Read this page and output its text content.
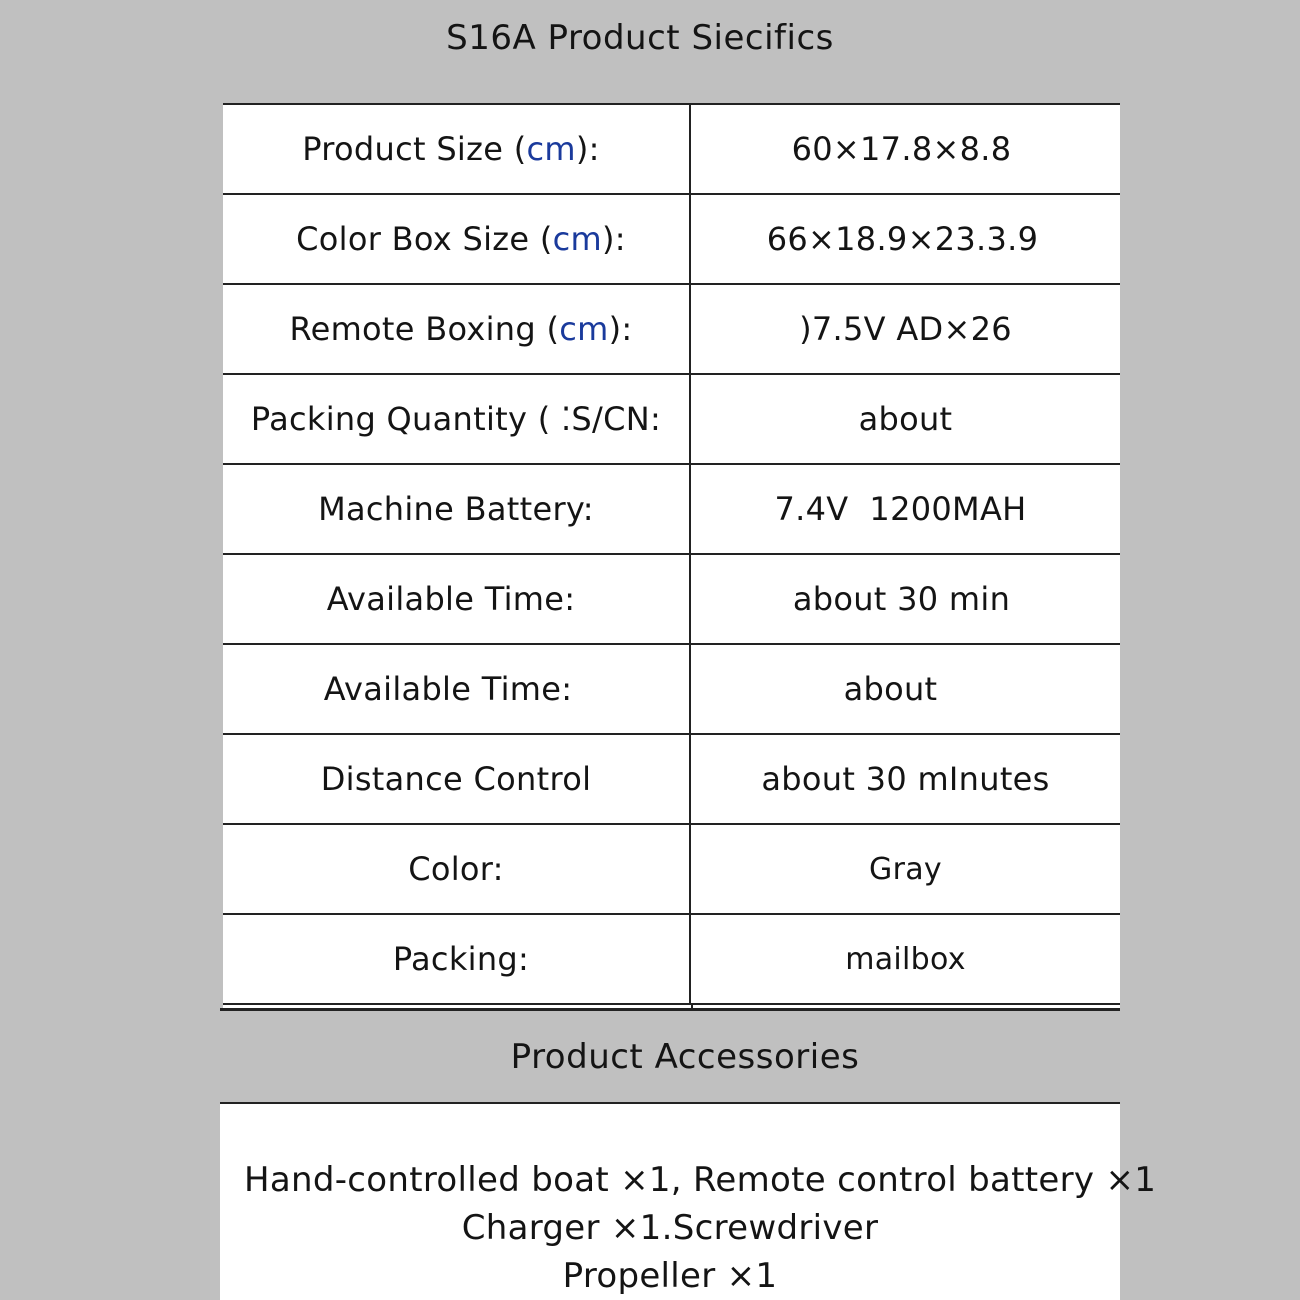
S16A Product Siecifics
Product Size ( cm ):	60×17.8×8.8
Color Box Size ( cm ):	66×18.9×23.3.9
Remote Boxing ( cm ):	)7.5V AD×26
Packing Quantity ( ⁚S/CN:	about
Machine Battery:	7.4V  1200MAH
Available Time:	about 30 min
Available Time:	about
Distance Control	about 30 mInutes
Color:	Gray
Packing:	mailbox
Product Accessories
Hand-controlled boat ×1, Remote control battery ×1
Charger ×1.Screwdriver
Propeller ×1
